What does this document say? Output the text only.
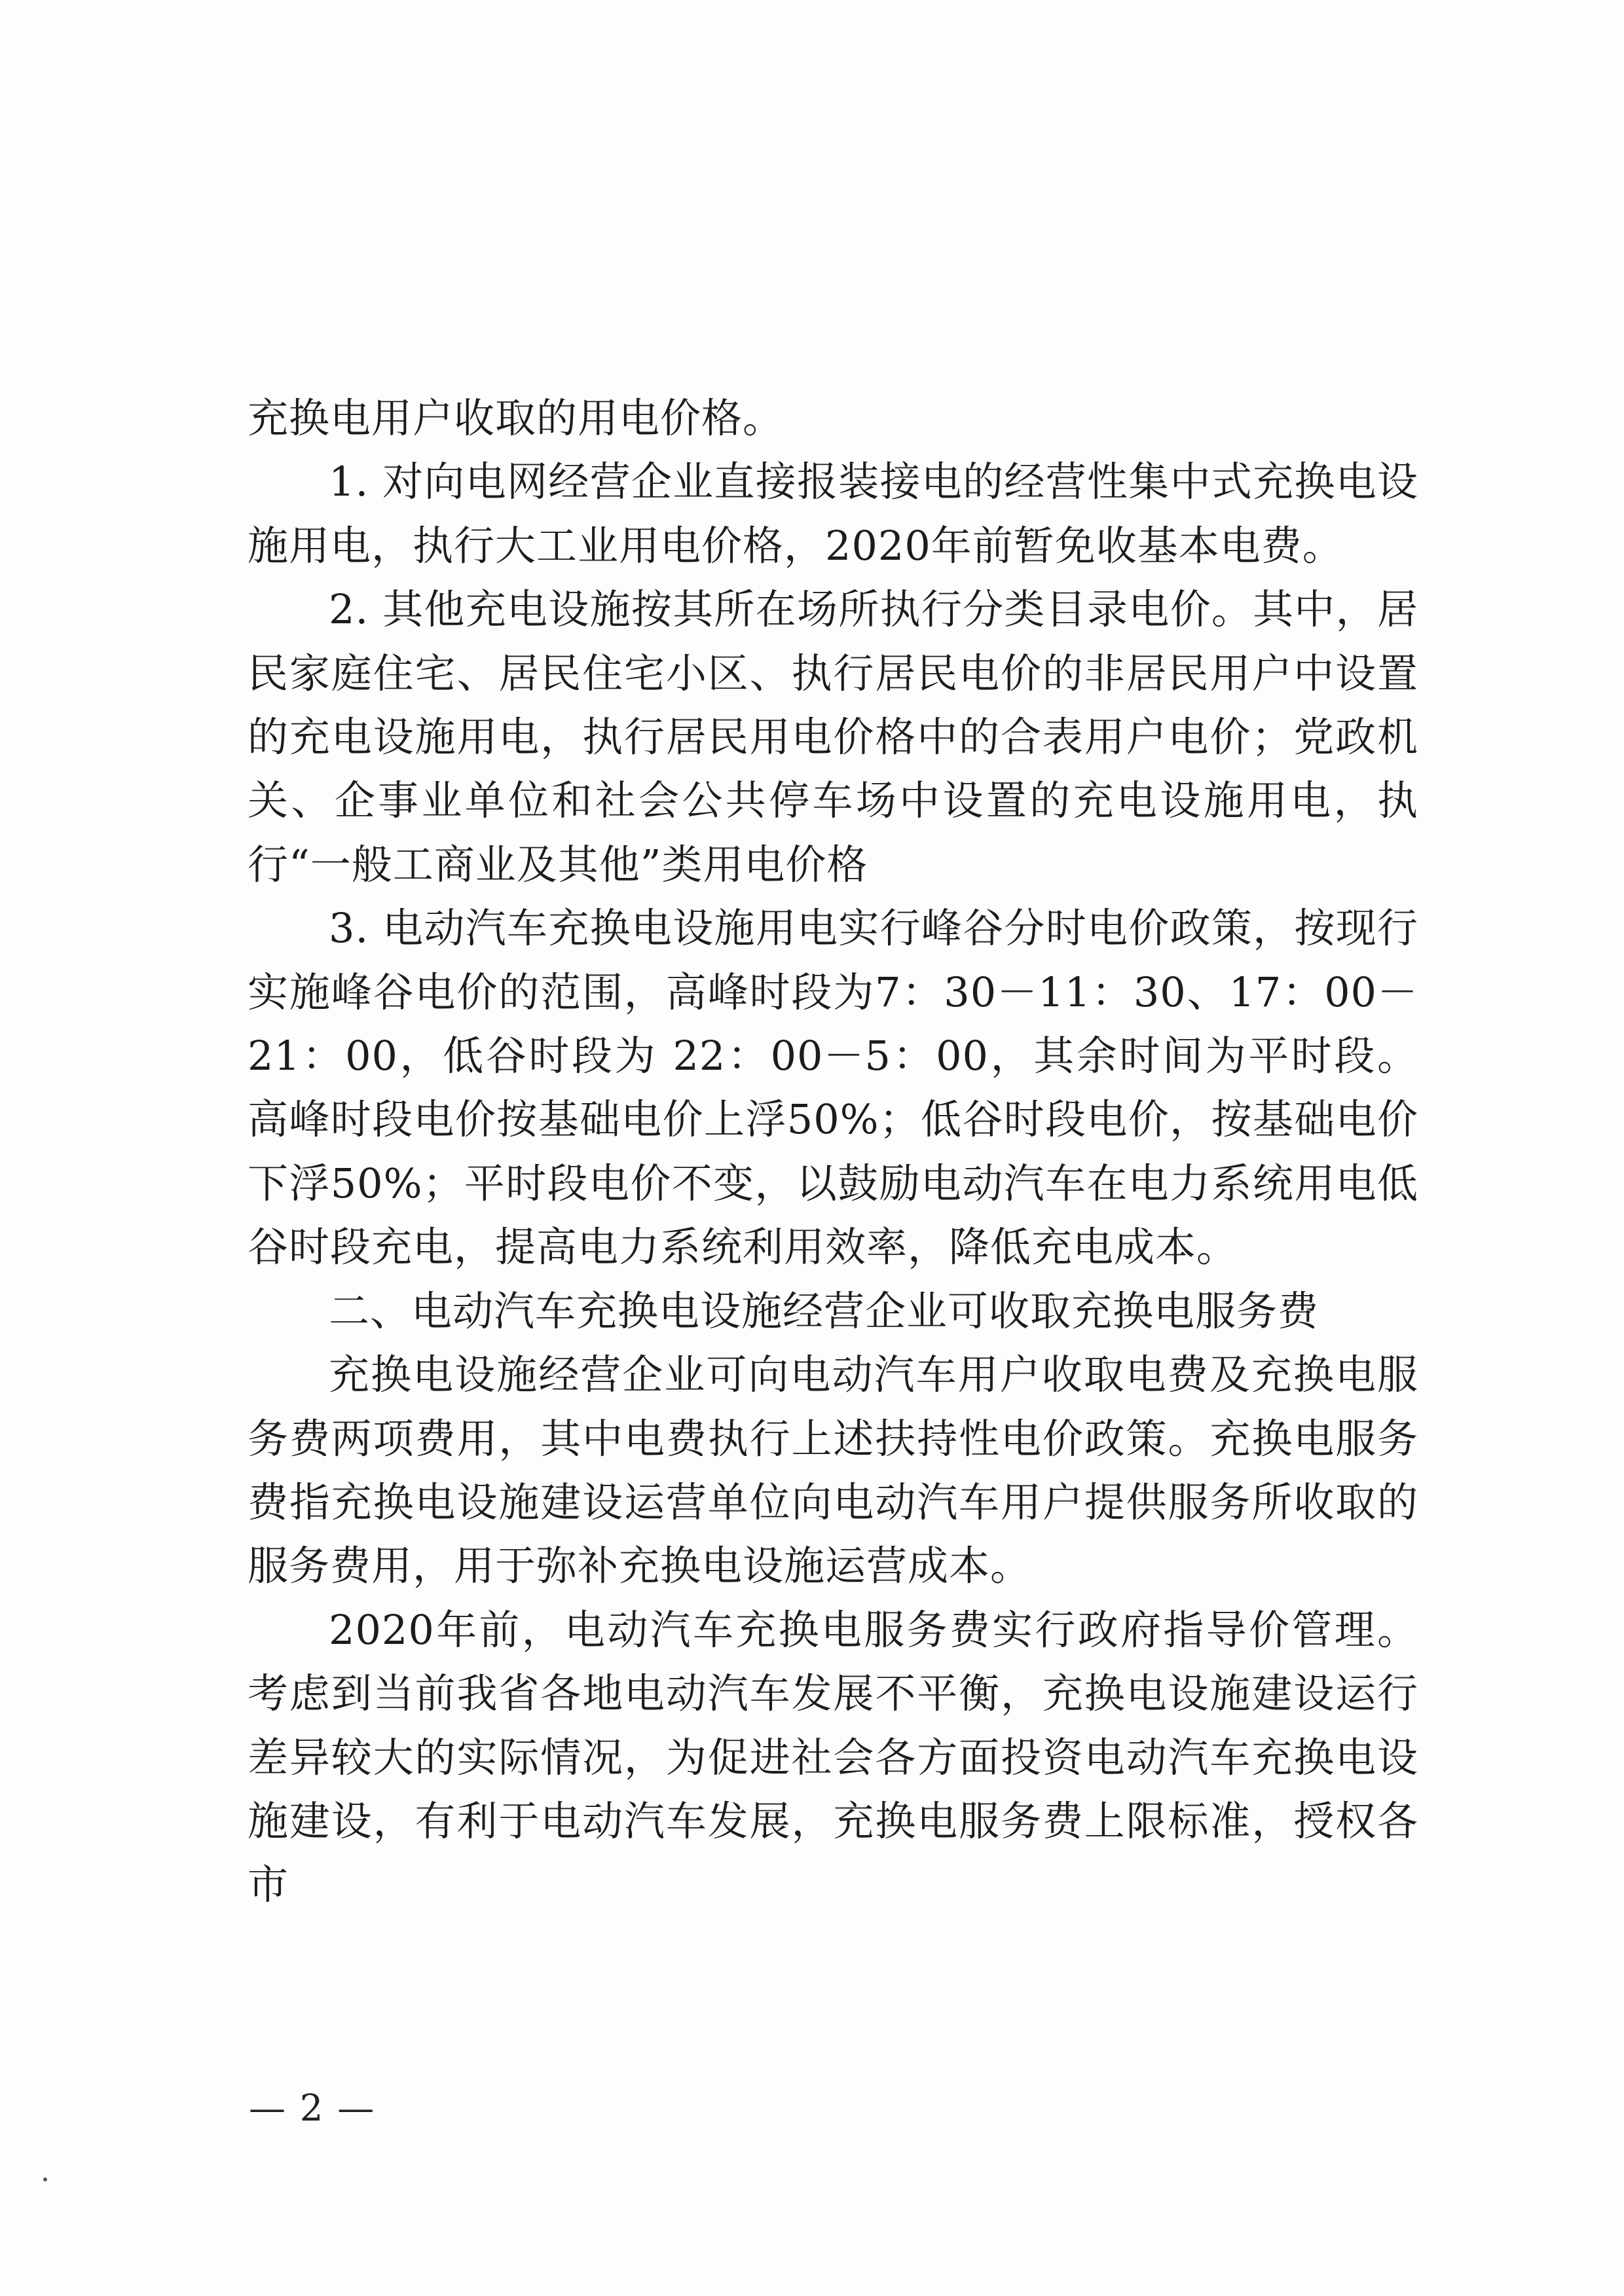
充换电用户收取的用电价格。

1. 对向电网经营企业直接报装接电的经营性集中式充换电设施用电，执行大工业用电价格，2020年前暂免收基本电费。

2. 其他充电设施按其所在场所执行分类目录电价。其中，居民家庭住宅、居民住宅小区、执行居民电价的非居民用户中设置的充电设施用电，执行居民用电价格中的合表用户电价；党政机关、企事业单位和社会公共停车场中设置的充电设施用电，执行“一般工商业及其他”类用电价格

3. 电动汽车充换电设施用电实行峰谷分时电价政策，按现行实施峰谷电价的范围，高峰时段为7：30－11：30、17：00－21：00，低谷时段为 22：00－5：00，其余时间为平时段。高峰时段电价按基础电价上浮50%；低谷时段电价，按基础电价下浮50%；平时段电价不变，以鼓励电动汽车在电力系统用电低谷时段充电，提高电力系统利用效率，降低充电成本。

二、电动汽车充换电设施经营企业可收取充换电服务费

充换电设施经营企业可向电动汽车用户收取电费及充换电服务费两项费用，其中电费执行上述扶持性电价政策。充换电服务费指充换电设施建设运营单位向电动汽车用户提供服务所收取的服务费用，用于弥补充换电设施运营成本。

2020年前，电动汽车充换电服务费实行政府指导价管理。考虑到当前我省各地电动汽车发展不平衡，充换电设施建设运行差异较大的实际情况，为促进社会各方面投资电动汽车充换电设施建设，有利于电动汽车发展，充换电服务费上限标准，授权各市

— 2 —
